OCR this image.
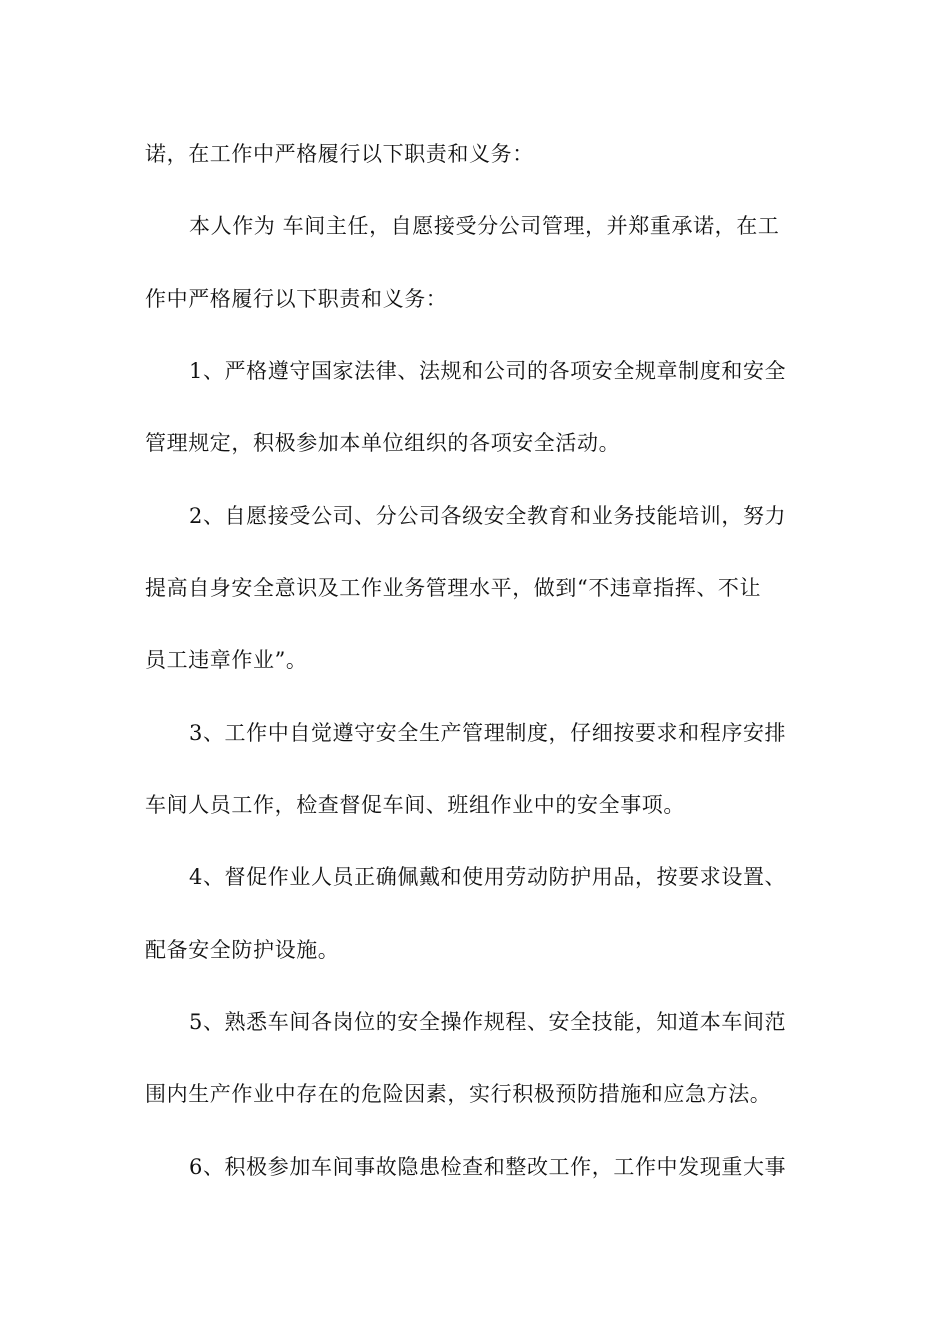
诺，在工作中严格履行以下职责和义务：
本人作为 车间主任，自愿接受分公司管理，并郑重承诺，在工
作中严格履行以下职责和义务：
1、严格遵守国家法律、法规和公司的各项安全规章制度和安全
管理规定，积极参加本单位组织的各项安全活动。
2、自愿接受公司、分公司各级安全教育和业务技能培训，努力
提高自身安全意识及工作业务管理水平，做到“不违章指挥、不让
员工违章作业”。
3、工作中自觉遵守安全生产管理制度，仔细按要求和程序安排
车间人员工作，检查督促车间、班组作业中的安全事项。
4、督促作业人员正确佩戴和使用劳动防护用品，按要求设置、
配备安全防护设施。
5、熟悉车间各岗位的安全操作规程、安全技能，知道本车间范
围内生产作业中存在的危险因素，实行积极预防措施和应急方法。
6、积极参加车间事故隐患检查和整改工作，工作中发现重大事
